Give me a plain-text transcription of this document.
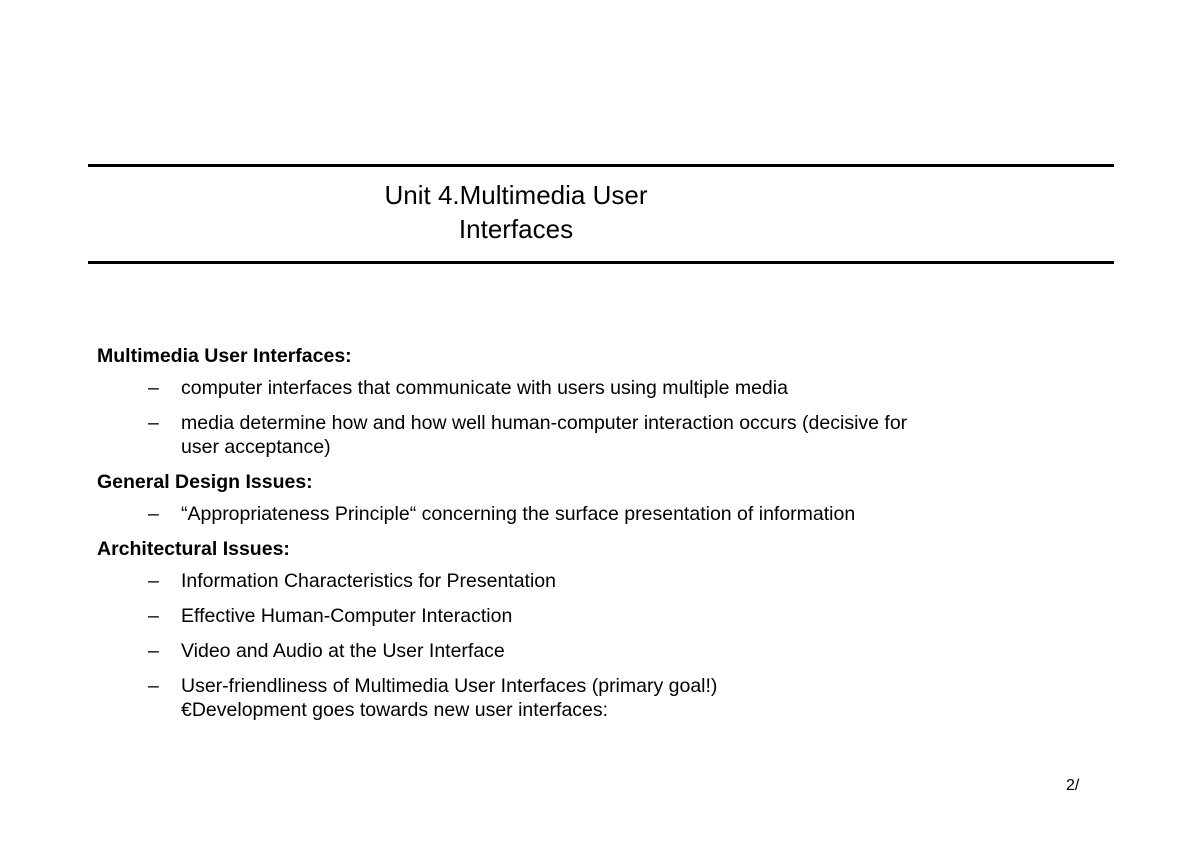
Unit 4.Multimedia User
Interfaces

Multimedia User Interfaces:

– computer interfaces that communicate with users using multiple media
– media determine how and how well human-computer interaction occurs (decisive for
user acceptance)

General Design Issues:

– “Appropriateness Principle“ concerning the surface presentation of information

Architectural Issues:

– Information Characteristics for Presentation
– Effective Human-Computer Interaction
– Video and Audio at the User Interface
– User-friendliness of Multimedia User Interfaces (primary goal!)
€Development goes towards new user interfaces:
2/
